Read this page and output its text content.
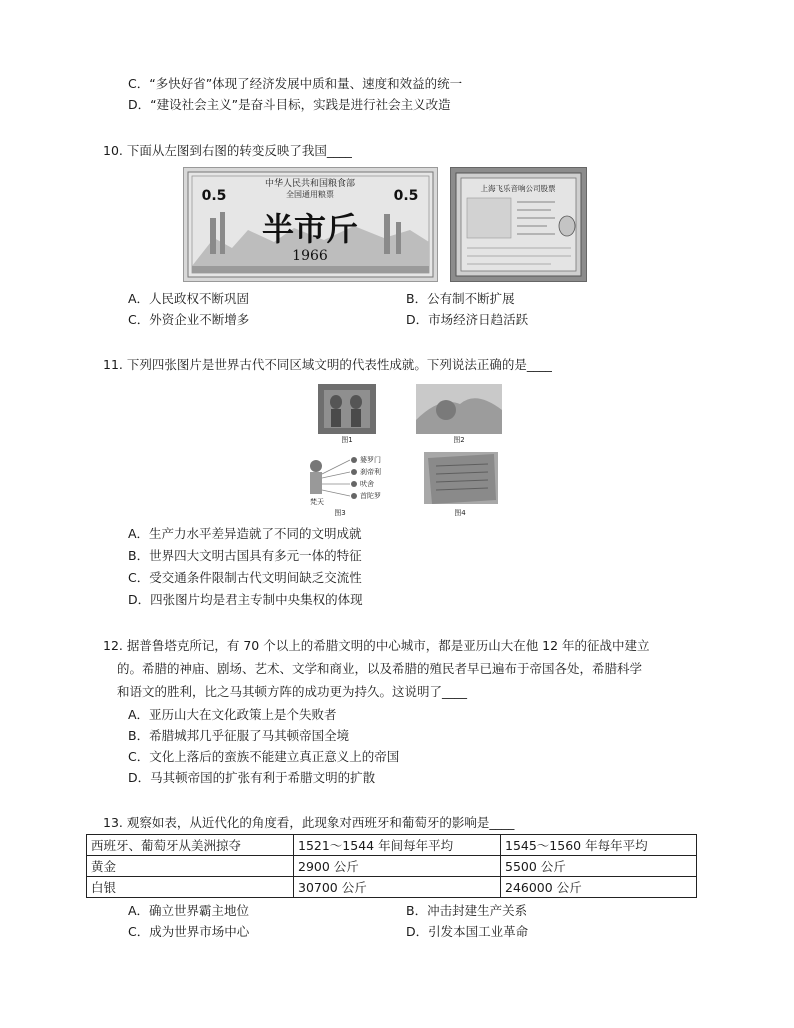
C．“多快好省”体现了经济发展中质和量、速度和效益的统一
D．“建设社会主义”是奋斗目标，实践是进行社会主义改造
10. 下面从左图到右图的转变反映了我国____
中华人民共和国粮食部
全国通用粮票
0.5	0.5
半市斤
1966
上海飞乐音响公司股票
A．人民政权不断巩固	B．公有制不断扩展
C．外资企业不断增多	D．市场经济日趋活跃
11. 下列四张图片是世界古代不同区域文明的代表性成就。下列说法正确的是____
图1	图2
婆罗门
刹帝利
吠舍
首陀罗
梵天
图3	图4
A．生产力水平差异造就了不同的文明成就
B．世界四大文明古国具有多元一体的特征
C．受交通条件限制古代文明间缺乏交流性
D．四张图片均是君主专制中央集权的体现
12. 据普鲁塔克所记，有 70 个以上的希腊文明的中心城市，都是亚历山大在他 12 年的征战中建立
的。希腊的神庙、剧场、艺术、文学和商业，以及希腊的殖民者早已遍布于帝国各处，希腊科学
和语文的胜利，比之马其顿方阵的成功更为持久。这说明了____
A．亚历山大在文化政策上是个失败者
B．希腊城邦几乎征服了马其顿帝国全境
C．文化上落后的蛮族不能建立真正意义上的帝国
D．马其顿帝国的扩张有利于希腊文明的扩散
13. 观察如表，从近代化的角度看，此现象对西班牙和葡萄牙的影响是____
西班牙、葡萄牙从美洲掠夺	1521～1544 年间每年平均	1545～1560 年每年平均
黄金	2900 公斤	5500 公斤
白银	30700 公斤	246000 公斤
A．确立世界霸主地位	B．冲击封建生产关系
C．成为世界市场中心	D．引发本国工业革命
